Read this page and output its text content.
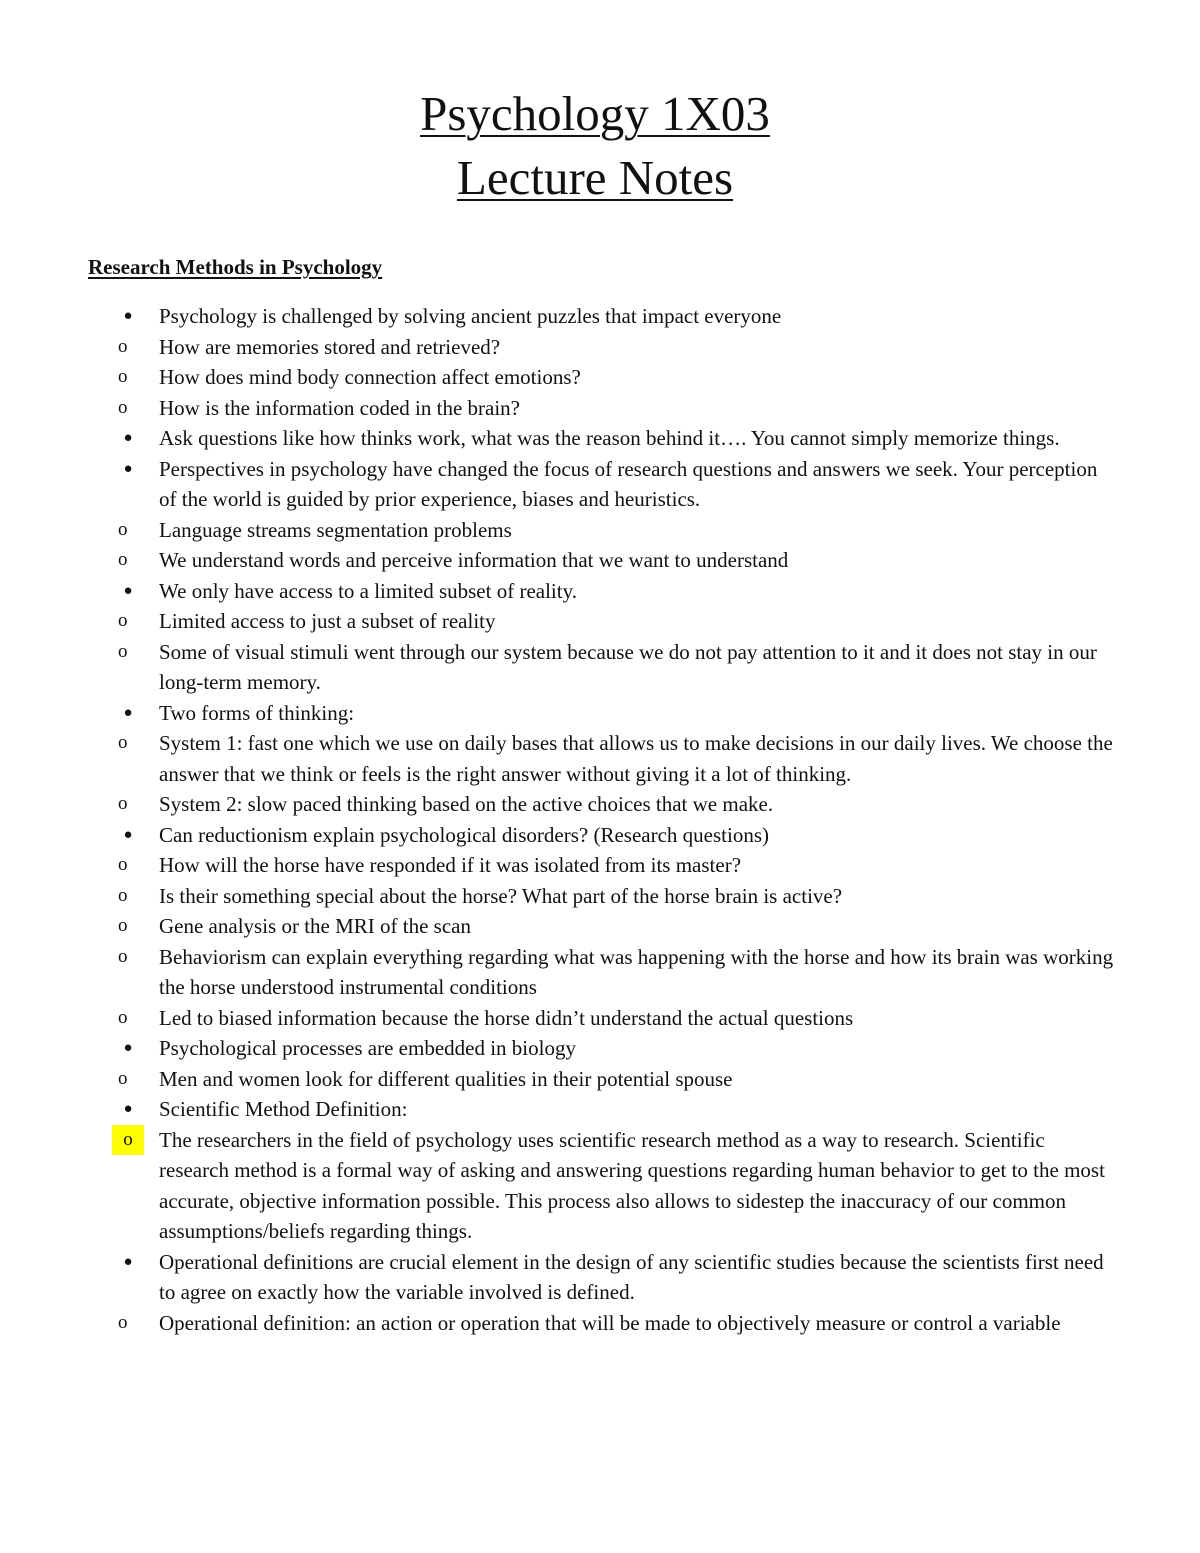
Psychology 1X03
Lecture Notes
Research Methods in Psychology
● Psychology is challenged by solving ancient puzzles that impact everyone
o How are memories stored and retrieved?
o How does mind body connection affect emotions?
o How is the information coded in the brain?
● Ask questions like how thinks work, what was the reason behind it…. You cannot simply memorize things.
● Perspectives in psychology have changed the focus of research questions and answers we seek. Your perception of the world is guided by prior experience, biases and heuristics.
o Language streams segmentation problems
o We understand words and perceive information that we want to understand
● We only have access to a limited subset of reality.
o Limited access to just a subset of reality
o Some of visual stimuli went through our system because we do not pay attention to it and it does not stay in our long-term memory.
● Two forms of thinking:
o System 1: fast one which we use on daily bases that allows us to make decisions in our daily lives. We choose the answer that we think or feels is the right answer without giving it a lot of thinking.
o System 2: slow paced thinking based on the active choices that we make.
● Can reductionism explain psychological disorders? (Research questions)
o How will the horse have responded if it was isolated from its master?
o Is their something special about the horse? What part of the horse brain is active?
o Gene analysis or the MRI of the scan
o Behaviorism can explain everything regarding what was happening with the horse and how its brain was working the horse understood instrumental conditions
o Led to biased information because the horse didn’t understand the actual questions
● Psychological processes are embedded in biology
o Men and women look for different qualities in their potential spouse
● Scientific Method Definition:
o	The researchers in the field of psychology uses scientific research method as a way to research. Scientific research method is a formal way of asking and answering questions regarding human behavior to get to the most accurate, objective information possible. This process also allows to sidestep the inaccuracy of our common assumptions/beliefs regarding things.
● Operational definitions are crucial element in the design of any scientific studies because the scientists first need to agree on exactly how the variable involved is defined.
o Operational definition: an action or operation that will be made to objectively measure or control a variable
